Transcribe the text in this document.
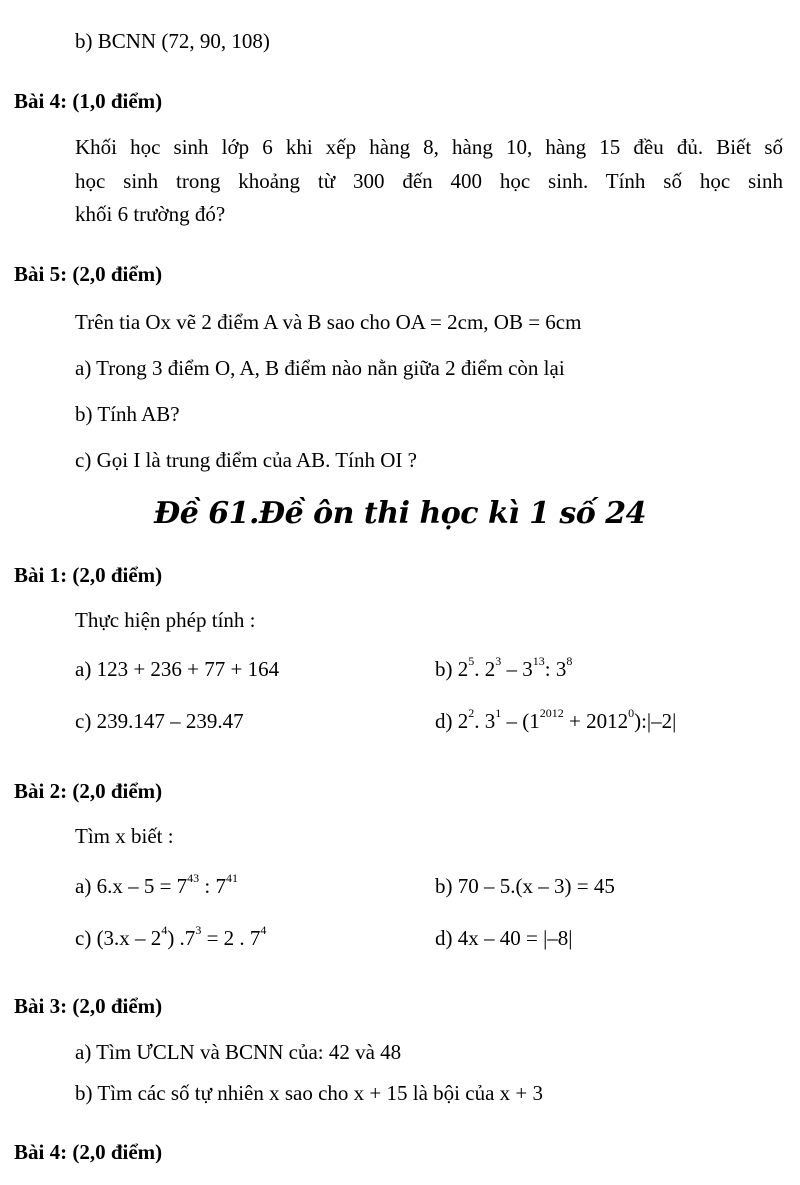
b) BCNN (72, 90, 108)
Bài 4: (1,0 điểm)
Khối học sinh lớp 6 khi xếp hàng 8, hàng 10, hàng 15 đều đủ. Biết số
học sinh trong khoảng từ 300 đến 400 học sinh. Tính số học sinh
khối 6 trường đó?
Bài 5: (2,0 điểm)
Trên tia Ox vẽ 2 điểm A và B sao cho OA = 2cm, OB = 6cm
a) Trong 3 điểm O, A, B điểm nào nằn giữa 2 điểm còn lại
b) Tính AB?
c) Gọi I là trung điểm của AB. Tính OI ?
Đề 61.Đề ôn thi học kì 1 số 24
Bài 1: (2,0 điểm)
Thực hiện phép tính :
a) 123 + 236 + 77 + 164	b) $2^5$. $2^3 - 3^{13}$: $3^8$
c) 239.147 – 239.47	d) $2^2$. $3^1 - (1^{2012}$ + $2012^0):|-2|$
Bài 2: (2,0 điểm)
Tìm x biết :
a) $6.x - 5 = 7^{43}$ : $7^{41}$	b) 70 – 5.(x – 3) = 45
c) $(3.x - 2^4)$ $.7^3 = 2$ . $7^4$	d) 4x – 40 = |–8|
Bài 3: (2,0 điểm)
a) Tìm ƯCLN và BCNN của: 42 và 48
b) Tìm các số tự nhiên x sao cho x + 15 là bội của x + 3
Bài 4: (2,0 điểm)
